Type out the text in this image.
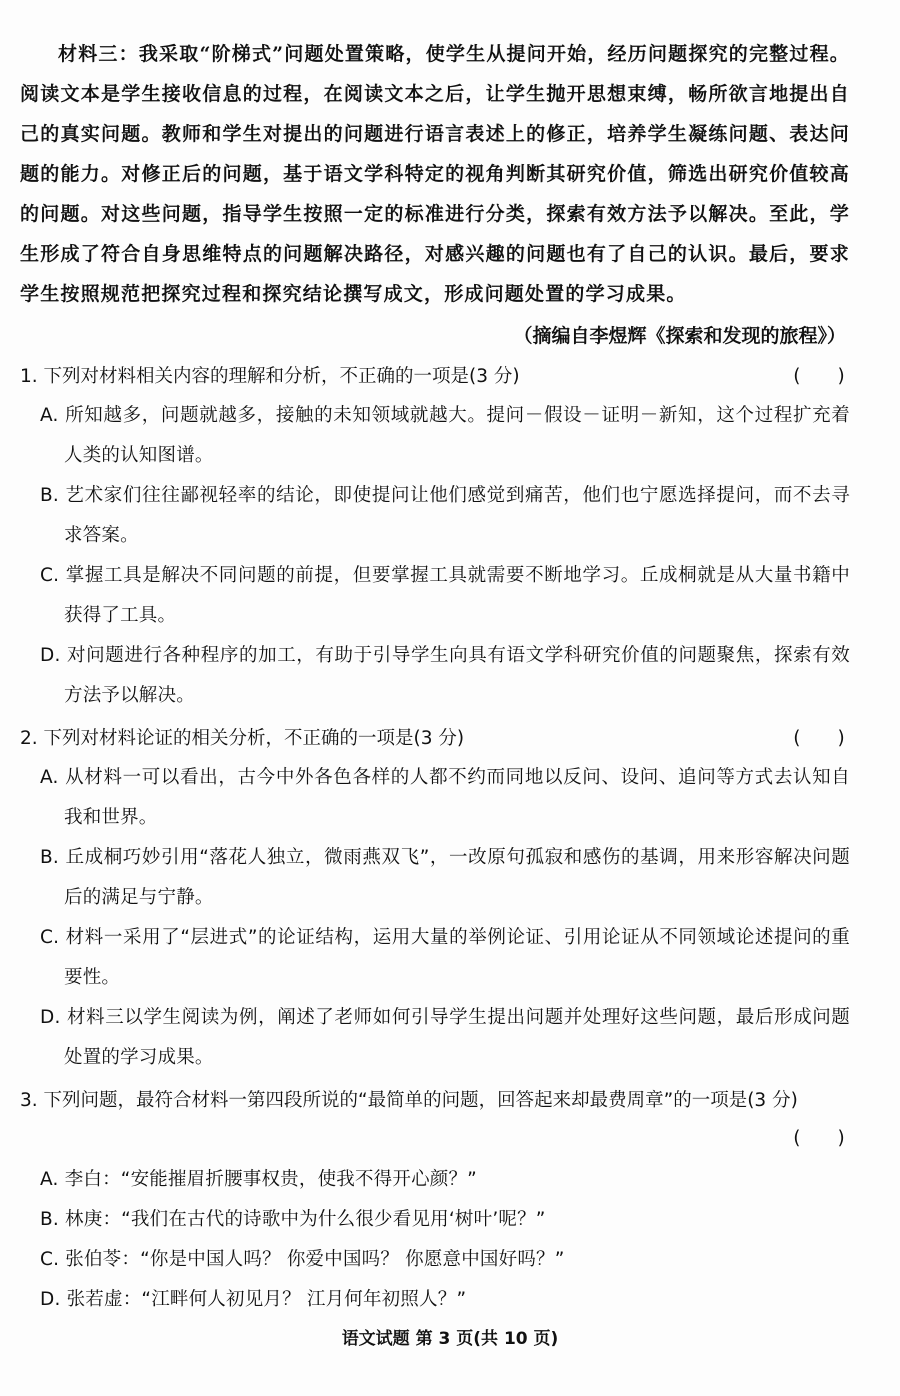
材料三：我采取“阶梯式”问题处置策略，使学生从提问开始，经历问题探究的完整过程。阅读文本是学生接收信息的过程，在阅读文本之后，让学生抛开思想束缚，畅所欲言地提出自己的真实问题。教师和学生对提出的问题进行语言表述上的修正，培养学生凝练问题、表达问题的能力。对修正后的问题，基于语文学科特定的视角判断其研究价值，筛选出研究价值较高的问题。对这些问题，指导学生按照一定的标准进行分类，探索有效方法予以解决。至此，学生形成了符合自身思维特点的问题解决路径，对感兴趣的问题也有了自己的认识。最后，要求学生按照规范把探究过程和探究结论撰写成文，形成问题处置的学习成果。

（摘编自李煜辉《探索和发现的旅程》）

1. 下列对材料相关内容的理解和分析，不正确的一项是(3 分)	(　　)

A. 所知越多，问题就越多，接触的未知领域就越大。提问－假设－证明－新知，这个过程扩充着人类的认知图谱。

B. 艺术家们往往鄙视轻率的结论，即使提问让他们感觉到痛苦，他们也宁愿选择提问，而不去寻求答案。

C. 掌握工具是解决不同问题的前提，但要掌握工具就需要不断地学习。丘成桐就是从大量书籍中获得了工具。

D. 对问题进行各种程序的加工，有助于引导学生向具有语文学科研究价值的问题聚焦，探索有效方法予以解决。

2. 下列对材料论证的相关分析，不正确的一项是(3 分)	(　　)

A. 从材料一可以看出，古今中外各色各样的人都不约而同地以反问、设问、追问等方式去认知自我和世界。

B. 丘成桐巧妙引用“落花人独立，微雨燕双飞”，一改原句孤寂和感伤的基调，用来形容解决问题后的满足与宁静。

C. 材料一采用了“层进式”的论证结构，运用大量的举例论证、引用论证从不同领域论述提问的重要性。

D. 材料三以学生阅读为例，阐述了老师如何引导学生提出问题并处理好这些问题，最后形成问题处置的学习成果。

3. 下列问题，最符合材料一第四段所说的“最简单的问题，回答起来却最费周章”的一项是(3 分)

(　　)

A. 李白：“安能摧眉折腰事权贵，使我不得开心颜？”

B. 林庚：“我们在古代的诗歌中为什么很少看见用‘树叶’呢？”

C. 张伯苓：“你是中国人吗？ 你爱中国吗？ 你愿意中国好吗？”

D. 张若虚：“江畔何人初见月？ 江月何年初照人？”

语文试题 第 3 页(共 10 页)
